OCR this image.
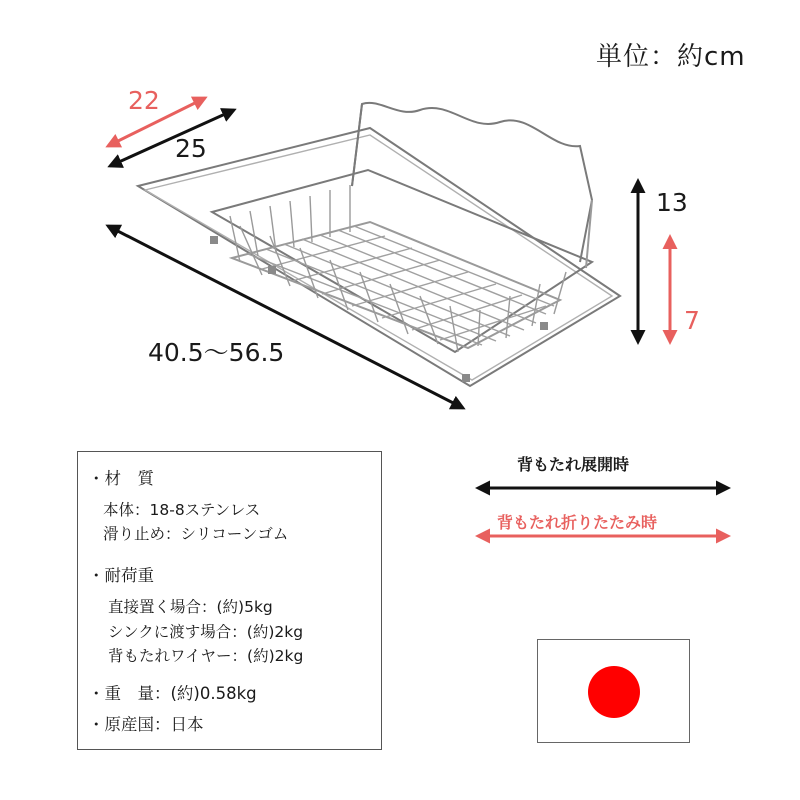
単位：約cm
22
25
40.5～56.5
13
7
・材　質
本体：18-8ステンレス
滑り止め：シリコーンゴム
・耐荷重
直接置く場合：(約)5kg
シンクに渡す場合：(約)2kg
背もたれワイヤー：(約)2kg
・重　量：(約)0.58kg
・原産国：日本
背もたれ展開時
背もたれ折りたたみ時
